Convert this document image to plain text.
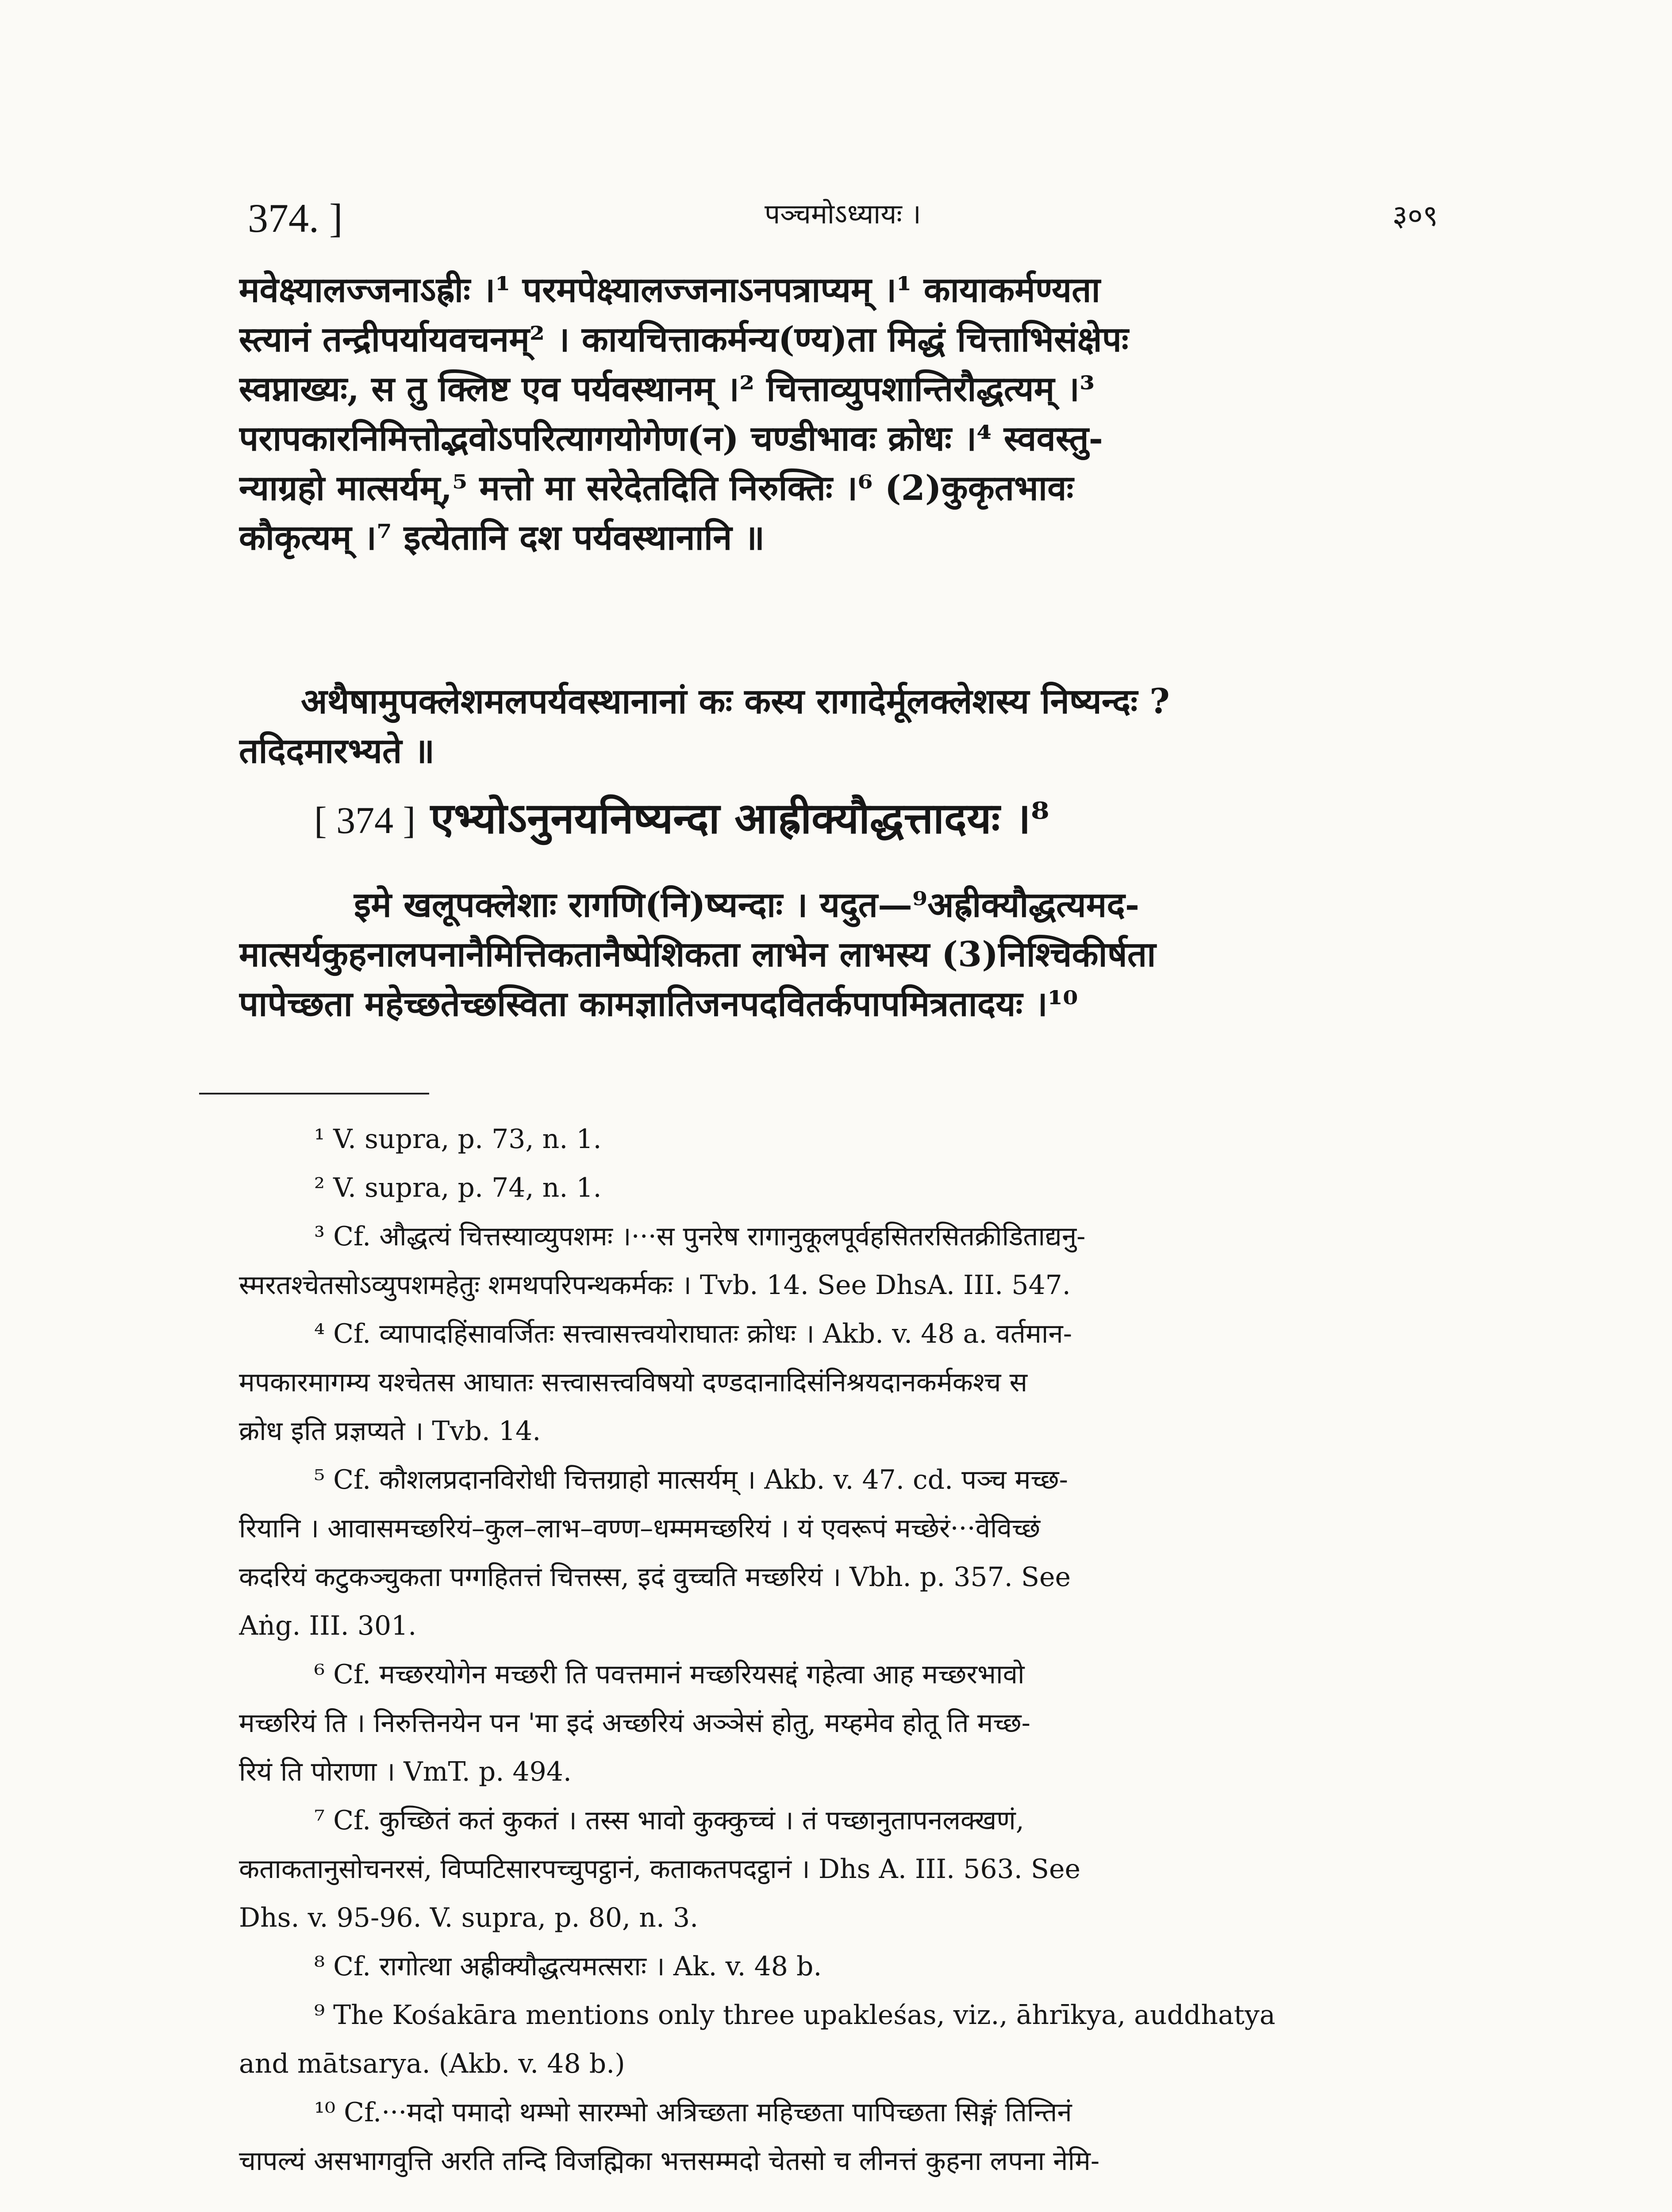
374. ]	पञ्चमोऽध्यायः ।	३०९
मवेक्ष्यालज्जनाऽह्रीः ।¹ परमपेक्ष्यालज्जनाऽनपत्राप्यम् ।¹ कायाकर्मण्यता
स्त्यानं तन्द्रीपर्यायवचनम्² । कायचित्ताकर्मन्य(ण्य)ता मिद्धं चित्ताभिसंक्षेपः
स्वप्नाख्यः, स तु क्लिष्ट एव पर्यवस्थानम् ।² चित्ताव्युपशान्तिरौद्धत्यम् ।³
परापकारनिमित्तोद्भवोऽपरित्यागयोगेण(न) चण्डीभावः क्रोधः ।⁴ स्ववस्तु-
न्याग्रहो मात्सर्यम्,⁵ मत्तो मा सरेदेतदिति निरुक्तिः ।⁶ (2)कुकृतभावः
कौकृत्यम् ।⁷ इत्येतानि दश पर्यवस्थानानि ॥
अथैषामुपक्लेशमलपर्यवस्थानानां कः कस्य रागादेर्मूलक्लेशस्य निष्यन्दः ?
तदिदमारभ्यते ॥
[ 374 ] एभ्योऽनुनयनिष्यन्दा आह्रीक्यौद्धत्तादयः ।⁸
इमे खलूपक्लेशाः रागणि(नि)ष्यन्दाः । यदुत—⁹अह्रीक्यौद्धत्यमद-
मात्सर्यकुहनालपनानैमित्तिकतानैष्पेशिकता लाभेन लाभस्य (3)निश्चिकीर्षता
पापेच्छता महेच्छतेच्छस्विता कामज्ञातिजनपदवितर्कपापमित्रतादयः ।¹⁰
¹ V. supra, p. 73, n. 1.
² V. supra, p. 74, n. 1.
³ Cf. औद्धत्यं चित्तस्याव्युपशमः ।···स पुनरेष रागानुकूलपूर्वहसितरसितक्रीडिताद्यनु-
स्मरतश्चेतसोऽव्युपशमहेतुः शमथपरिपन्थकर्मकः । Tvb. 14. See DhsA. III. 547.
⁴ Cf. व्यापादहिंसावर्जितः सत्त्वासत्त्वयोराघातः क्रोधः । Akb. v. 48 a. वर्तमान-
मपकारमागम्य यश्चेतस आघातः सत्त्वासत्त्वविषयो दण्डदानादिसंनिश्रयदानकर्मकश्च स
क्रोध इति प्रज्ञप्यते । Tvb. 14.
⁵ Cf. कौशलप्रदानविरोधी चित्तग्राहो मात्सर्यम् । Akb. v. 47. cd. पञ्च मच्छ-
रियानि । आवासमच्छरियं–कुल–लाभ–वण्ण–धम्ममच्छरियं । यं एवरूपं मच्छेरं···वेविच्छं
कदरियं कटुकञ्चुकता पग्गहितत्तं चित्तस्स, इदं वुच्चति मच्छरियं । Vbh. p. 357. See
Aṅg. III. 301.
⁶ Cf. मच्छरयोगेन मच्छरी ति पवत्तमानं मच्छरियसद्दं गहेत्वा आह मच्छरभावो
मच्छरियं ति । निरुत्तिनयेन पन 'मा इदं अच्छरियं अञ्ञेसं होतु, मय्हमेव होतू ति मच्छ-
रियं ति पोराणा । VmT. p. 494.
⁷ Cf. कुच्छितं कतं कुकतं । तस्स भावो कुक्कुच्चं । तं पच्छानुतापनलक्खणं,
कताकतानुसोचनरसं, विप्पटिसारपच्चुपट्ठानं, कताकतपदट्ठानं । Dhs A. III. 563. See
Dhs. v. 95-96. V. supra, p. 80, n. 3.
⁸ Cf. रागोत्था अह्रीक्यौद्धत्यमत्सराः । Ak. v. 48 b.
⁹ The Kośakāra mentions only three upakleśas, viz., āhrīkya, auddhatya
and mātsarya. (Akb. v. 48 b.)
¹⁰ Cf.···मदो पमादो थम्भो सारम्भो अत्रिच्छता महिच्छता पापिच्छता सिङ्गं तिन्तिनं
चापल्यं असभागवुत्ति अरति तन्दि विजह्मिका भत्तसम्मदो चेतसो च लीनत्तं कुहना लपना नेमि-
